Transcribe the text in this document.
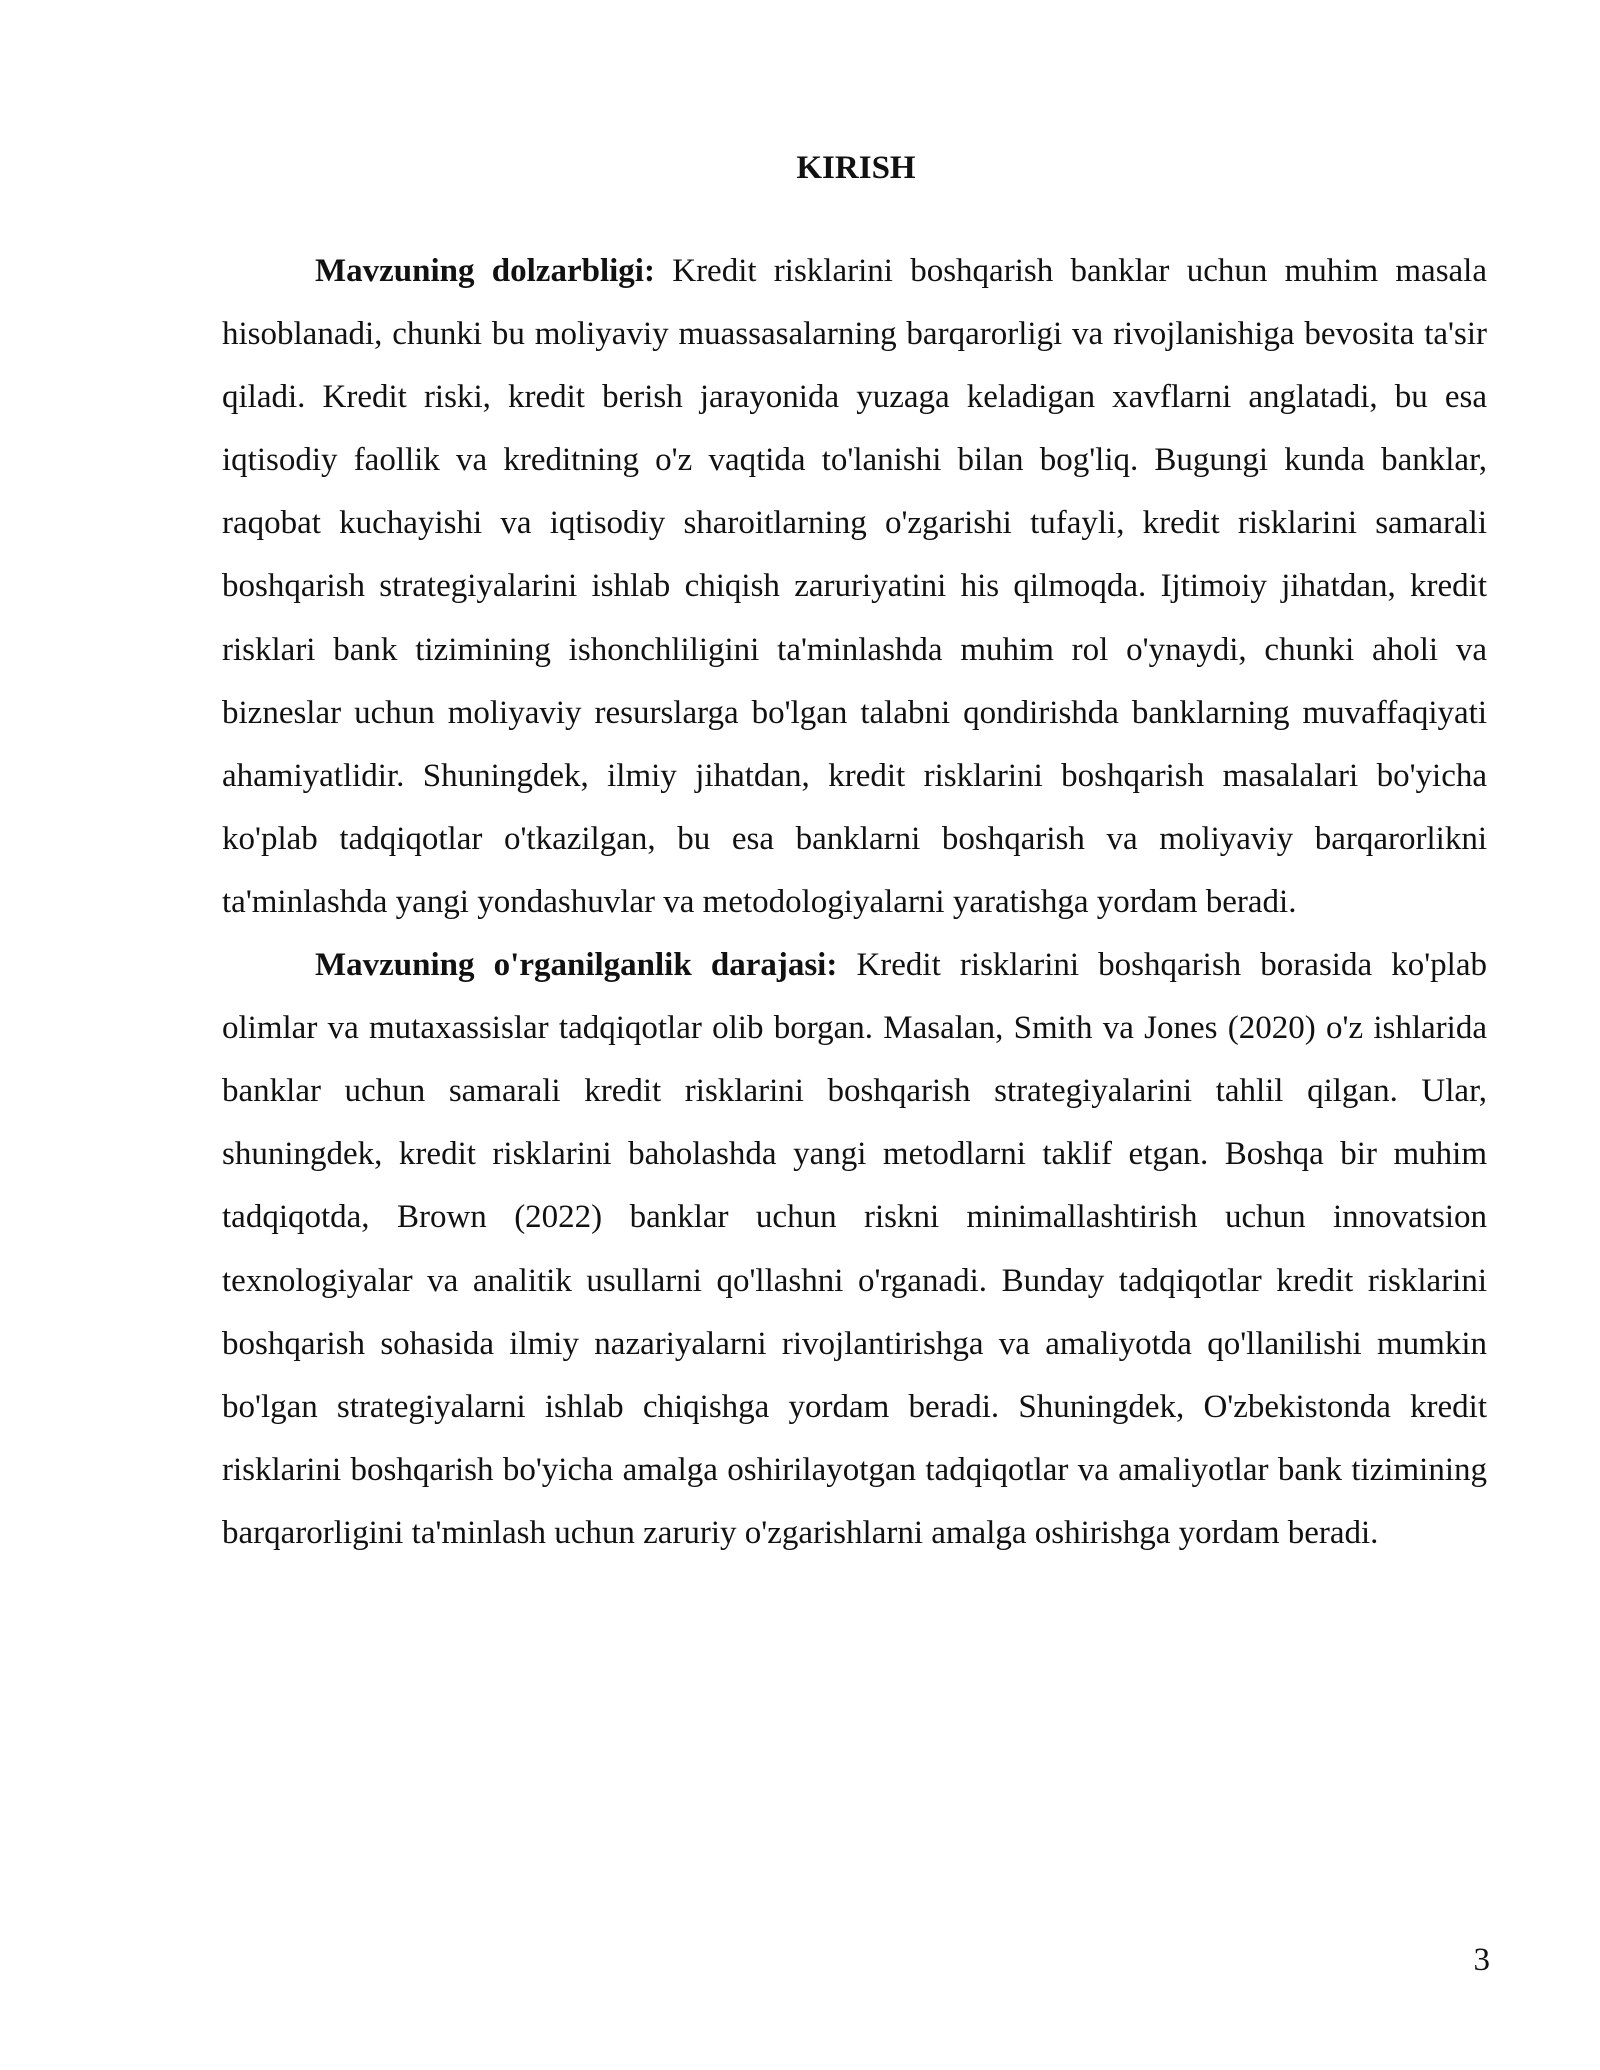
KIRISH

Mavzuning dolzarbligi: Kredit risklarini boshqarish banklar uchun muhim masala hisoblanadi, chunki bu moliyaviy muassasalarning barqarorligi va rivojlanishiga bevosita ta'sir qiladi. Kredit riski, kredit berish jarayonida yuzaga keladigan xavflarni anglatadi, bu esa iqtisodiy faollik va kreditning o'z vaqtida to'lanishi bilan bog'liq. Bugungi kunda banklar, raqobat kuchayishi va iqtisodiy sharoitlarning o'zgarishi tufayli, kredit risklarini samarali boshqarish strategiyalarini ishlab chiqish zaruriyatini his qilmoqda. Ijtimoiy jihatdan, kredit risklari bank tizimining ishonchliligini ta'minlashda muhim rol o'ynaydi, chunki aholi va bizneslar uchun moliyaviy resurslarga bo'lgan talabni qondirishda banklarning muvaffaqiyati ahamiyatlidir. Shuningdek, ilmiy jihatdan, kredit risklarini boshqarish masalalari bo'yicha ko'plab tadqiqotlar o'tkazilgan, bu esa banklarni boshqarish va moliyaviy barqarorlikni ta'minlashda yangi yondashuvlar va metodologiyalarni yaratishga yordam beradi.

Mavzuning o'rganilganlik darajasi: Kredit risklarini boshqarish borasida ko'plab olimlar va mutaxassislar tadqiqotlar olib borgan. Masalan, Smith va Jones (2020) o'z ishlarida banklar uchun samarali kredit risklarini boshqarish strategiyalarini tahlil qilgan. Ular, shuningdek, kredit risklarini baholashda yangi metodlarni taklif etgan. Boshqa bir muhim tadqiqotda, Brown (2022) banklar uchun riskni minimallashtirish uchun innovatsion texnologiyalar va analitik usullarni qo'llashni o'rganadi. Bunday tadqiqotlar kredit risklarini boshqarish sohasida ilmiy nazariyalarni rivojlantirishga va amaliyotda qo'llanilishi mumkin bo'lgan strategiyalarni ishlab chiqishga yordam beradi. Shuningdek, O'zbekistonda kredit risklarini boshqarish bo'yicha amalga oshirilayotgan tadqiqotlar va amaliyotlar bank tizimining barqarorligini ta'minlash uchun zaruriy o'zgarishlarni amalga oshirishga yordam beradi.

3
